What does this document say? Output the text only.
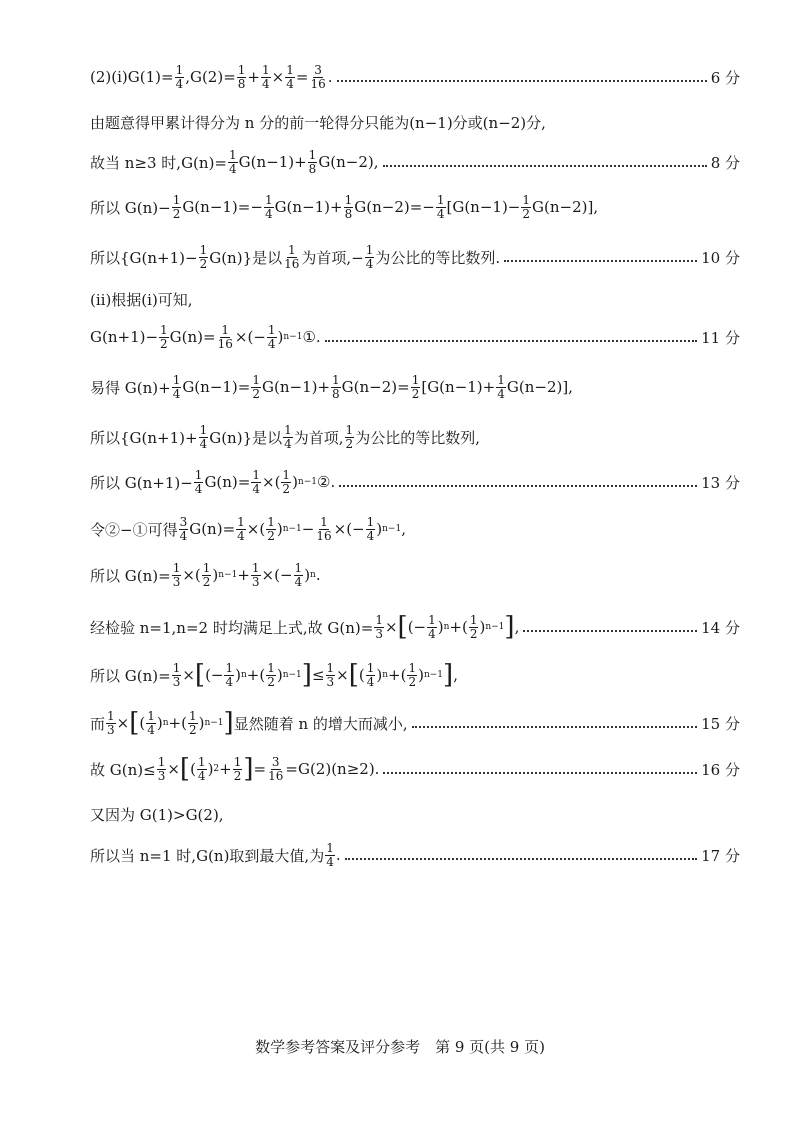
(2)(ⅰ)G(1)= $\frac{1}{4} ,G(2)= \frac{1}{8} + \frac{1}{4} \times \frac{1}{4} = \frac{3}{16}$ .	6 分
由题意得甲累计得分为 n 分的前一轮得分只能为(n−1)分或(n−2)分,
故当 n≥3 时$,G(n)= \frac{1}{4} G(n-1)+ \frac{1}{8} G(n-2)$,	8 分
所以 $G(n)- \frac{1}{2} G(n-1)=- \frac{1}{4} G(n-1)+ \frac{1}{8} G(n-2)=- \frac{1}{4} [G(n-1)- \frac{1}{2} G(n-2)]$,
所以$\{G(n+1)- \frac{1}{2} G(n)\}$是以 $\frac{1}{16}$ 为首项,− $\frac{1}{4}$ 为公比的等比数列.	10 分
(ⅱ)根据(ⅰ)可知,
$G(n+1)- \frac{1}{2} G(n)= \frac{1}{16}$ ×(− $\frac{1}{4}$ ) n−1 ①.	11 分
易得 $G(n)+ \frac{1}{4} G(n-1)= \frac{1}{2} G(n-1)+ \frac{1}{8} G(n-2)= \frac{1}{2} [G(n-1)+ \frac{1}{4} G(n-2)]$,
所以$\{G(n+1)+ \frac{1}{4} G(n)\}$是以 $\frac{1}{4}$ 为首项, $\frac{1}{2}$ 为公比的等比数列,
所以 $G(n+1)- \frac{1}{4} G(n)= \frac{1}{4}$ ×( $\frac{1}{2}$ ) n−1 ②.	13 分
令②−①可得 $\frac{3}{4} G(n)= \frac{1}{4}$ ×( $\frac{1}{2}$ ) $n-1 - \frac{1}{16}$ ×(− $\frac{1}{4}$ ) n−1 ,
所以 $G(n)= \frac{1}{3}$ ×( $\frac{1}{2}$ ) $n-1 + \frac{1}{3}$ ×(− $\frac{1}{4}$ ) n .
经检验 n=1,n=2 时均满足上式,故 $G(n)= \frac{1}{3}$ × [ (− $\frac{1}{4}$ ) n +( $\frac{1}{2}$ ) n−1 ] ,	14 分
所以 $G(n)= \frac{1}{3}$ × [ (− $\frac{1}{4}$ ) n +( $\frac{1}{2}$ ) n−1 ] ≤ $\frac{1}{3}$ × [ ( $\frac{1}{4}$ ) n +( $\frac{1}{2}$ ) n−1 ] ,
而 $\frac{1}{3}$ × [ ( $\frac{1}{4}$ ) n +( $\frac{1}{2}$ ) n−1 ] 显然随着 n 的增大而减小,	15 分
故 $G(n)\le \frac{1}{3}$ × [ ( $\frac{1}{4}$ ) $2 + \frac{1}{2}$ ] = $\frac{3}{16} =G(2)(n\ge 2)$.	16 分
又因为 G(1)>G(2),
所以当 n=1 时,G(n)取到最大值,为 $\frac{1}{4}$ .	17 分
数学参考答案及评分参考　第 9 页(共 9 页)
